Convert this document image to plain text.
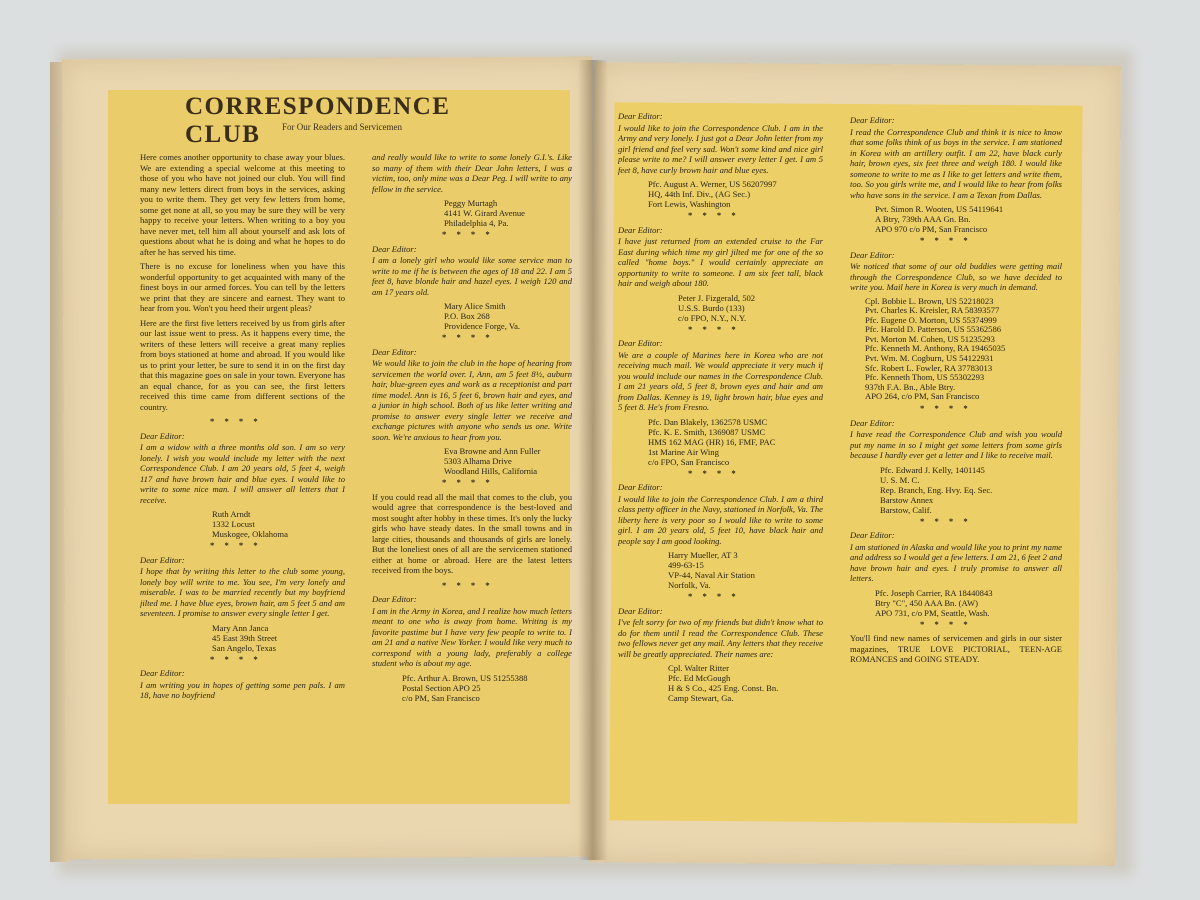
CORRESPONDENCE CLUB	For Our Readers and Servicemen

Here comes another opportunity to chase away your blues. We are extending a special welcome at this meeting to those of you who have not joined our club. You will find many new letters direct from boys in the services, asking you to write them. They get very few letters from home, some get none at all, so you may be sure they will be very happy to receive your letters. When writing to a boy you have never met, tell him all about yourself and ask lots of questions about what he is doing and what he hopes to do after he has served his time.

There is no excuse for loneliness when you have this wonderful opportunity to get acquainted with many of the finest boys in our armed forces. You can tell by the letters we print that they are sincere and earnest. They want to hear from you. Won't you heed their urgent pleas?

Here are the first five letters received by us from girls after our last issue went to press. As it happens every time, the writers of these letters will receive a great many replies from boys stationed at home and abroad. If you would like us to print your letter, be sure to send it in on the first day that this magazine goes on sale in your town. Everyone has an equal chance, for as you can see, the first letters received this time came from different sections of the country.

* * * *
Dear Editor:

I am a widow with a three months old son. I am so very lonely. I wish you would include my letter with the next Correspondence Club. I am 20 years old, 5 feet 4, weigh 117 and have brown hair and blue eyes. I would like to write to some nice man. I will answer all letters that I receive.

Ruth Arndt
1332 Locust
Muskogee, Oklahoma
* * * *
Dear Editor:

I hope that by writing this letter to the club some young, lonely boy will write to me. You see, I'm very lonely and miserable. I was to be married recently but my boyfriend jilted me. I have blue eyes, brown hair, am 5 feet 5 and am seventeen. I promise to answer every single letter I get.

Mary Ann Janca
45 East 39th Street
San Angelo, Texas
* * * *
Dear Editor:

I am writing you in hopes of getting some pen pals. I am 18, have no boyfriend

and really would like to write to some lonely G.I.'s. Like so many of them with their Dear John letters, I was a victim, too, only mine was a Dear Peg. I will write to any fellow in the service.

Peggy Murtagh
4141 W. Girard Avenue
Philadelphia 4, Pa.
* * * *
Dear Editor:

I am a lonely girl who would like some service man to write to me if he is between the ages of 18 and 22. I am 5 feet 8, have blonde hair and hazel eyes. I weigh 120 and am 17 years old.

Mary Alice Smith
P.O. Box 268
Providence Forge, Va.
* * * *
Dear Editor:

We would like to join the club in the hope of hearing from servicemen the world over. I, Ann, am 5 feet 8½, auburn hair, blue-green eyes and work as a receptionist and part time model. Ann is 16, 5 feet 6, brown hair and eyes, and a junior in high school. Both of us like letter writing and promise to answer every single letter we receive and exchange pictures with anyone who sends us one. Write soon. We're anxious to hear from you.

Eva Browne and Ann Fuller
5303 Alhama Drive
Woodland Hills, California
* * * *

If you could read all the mail that comes to the club, you would agree that correspondence is the best-loved and most sought after hobby in these times. It's only the lucky girls who have steady dates. In the small towns and in large cities, thousands and thousands of girls are lonely. But the loneliest ones of all are the servicemen stationed either at home or abroad. Here are the latest letters received from the boys.

* * * *
Dear Editor:

I am in the Army in Korea, and I realize how much letters meant to one who is away from home. Writing is my favorite pastime but I have very few people to write to. I am 21 and a native New Yorker. I would like very much to correspond with a young lady, preferably a college student who is about my age.

Pfc. Arthur A. Brown, US 51255388
Postal Section APO 25
c/o PM, San Francisco
Dear Editor:

I would like to join the Correspondence Club. I am in the Army and very lonely. I just got a Dear John letter from my girl friend and feel very sad. Won't some kind and nice girl please write to me? I will answer every letter I get. I am 5 feet 8, have curly brown hair and blue eyes.

Pfc. August A. Werner, US 56207997
HQ, 44th Inf. Div., (AG Sec.)
Fort Lewis, Washington
* * * *
Dear Editor:

I have just returned from an extended cruise to the Far East during which time my girl jilted me for one of the so called "home boys." I would certainly appreciate an opportunity to write to someone. I am six feet tall, black hair and weigh about 180.

Peter J. Fizgerald, 502
U.S.S. Burdo (133)
c/o FPO, N.Y., N.Y.
* * * *
Dear Editor:

We are a couple of Marines here in Korea who are not receiving much mail. We would appreciate it very much if you would include our names in the Correspondence Club. I am 21 years old, 5 feet 8, brown eyes and hair and am from Dallas. Kenney is 19, light brown hair, blue eyes and 5 feet 8. He's from Fresno.

Pfc. Dan Blakely, 1362578 USMC
Pfc. K. E. Smith, 1369087 USMC
HMS 162 MAG (HR) 16, FMF, PAC
1st Marine Air Wing
c/o FPO, San Francisco
* * * *
Dear Editor:

I would like to join the Correspondence Club. I am a third class petty officer in the Navy, stationed in Norfolk, Va. The liberty here is very poor so I would like to write to some girl. I am 20 years old, 5 feet 10, have black hair and people say I am good looking.

Harry Mueller, AT 3
499-63-15
VP-44, Naval Air Station
Norfolk, Va.
* * * *
Dear Editor:

I've felt sorry for two of my friends but didn't know what to do for them until I read the Correspondence Club. These two fellows never get any mail. Any letters that they receive will be greatly appreciated. Their names are:

Cpl. Walter Ritter
Pfc. Ed McGough
H & S Co., 425 Eng. Const. Bn.
Camp Stewart, Ga.
Dear Editor:

I read the Correspondence Club and think it is nice to know that some folks think of us boys in the service. I am stationed in Korea with an artillery outfit. I am 22, have black curly hair, brown eyes, six feet three and weigh 180. I would like someone to write to me as I like to get letters and write them, too. So you girls write me, and I would like to hear from folks who have sons in the service. I am a Texan from Dallas.

Pvt. Simon R. Wooten, US 54119641
A Btry, 739th AAA Gn. Bn.
APO 970 c/o PM, San Francisco
* * * *
Dear Editor:

We noticed that some of our old buddies were getting mail through the Correspondence Club, so we have decided to write you. Mail here in Korea is very much in demand.

Cpl. Bobbie L. Brown, US 52218023
Pvt. Charles K. Kreisler, RA 58393577
Pfc. Eugene O. Morton, US 55374999
Pfc. Harold D. Patterson, US 55362586
Pvt. Morton M. Cohen, US 51235293
Pfc. Kenneth M. Anthony, RA 19465035
Pvt. Wm. M. Cogburn, US 54122931
Sfc. Robert L. Fowler, RA 37783013
Pfc. Kenneth Thom, US 55302293
937th F.A. Bn., Able Btry.
APO 264, c/o PM, San Francisco
* * * *
Dear Editor:

I have read the Correspondence Club and wish you would put my name in so I might get some letters from some girls because I hardly ever get a letter and I like to receive mail.

Pfc. Edward J. Kelly, 1401145
U. S. M. C.
Rep. Branch, Eng. Hvy. Eq. Sec.
Barstow Annex
Barstow, Calif.
* * * *
Dear Editor:

I am stationed in Alaska and would like you to print my name and address so I would get a few letters. I am 21, 6 feet 2 and have brown hair and eyes. I truly promise to answer all letters.

Pfc. Joseph Carrier, RA 18440843
Btry "C", 450 AAA Bn. (AW)
APO 731, c/o PM, Seattle, Wash.
* * * *

You'll find new names of servicemen and girls in our sister magazines, TRUE LOVE PICTORIAL, TEEN-AGE ROMANCES and GOING STEADY.
